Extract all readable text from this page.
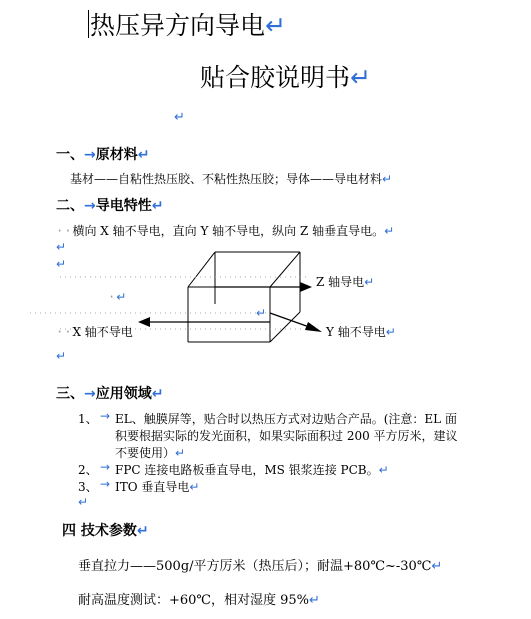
热压异方向导电↵
贴合胶说明书↵
↵
一、→原材料↵
基材——自粘性热压胶、不粘性热压胶；导体——导电材料↵
二、→导电特性↵
··横向 X 轴不导电，直向 Y 轴不导电，纵向 Z 轴垂直导电。↵
↵
↵
Z 轴导电↵
·↵
↵
Y 轴不导电↵
··X 轴不导电
↵
三、→应用领域↵
1、 → EL、触膜屏等，贴合时以热压方式对边贴合产品。(注意：EL 面
积要根据实际的发光面积，如果实际面积过 200 平方厉米，建议
不要使用）↵
2、 → FPC 连接电路板垂直导电，MS 银浆连接 PCB。↵
3、 → ITO 垂直导电↵
↵
四 技术参数↵
垂直拉力——500g/平方厉米（热压后）；耐温+80℃~-30℃↵
耐高温度测试：+60℃，相对湿度 95%↵
